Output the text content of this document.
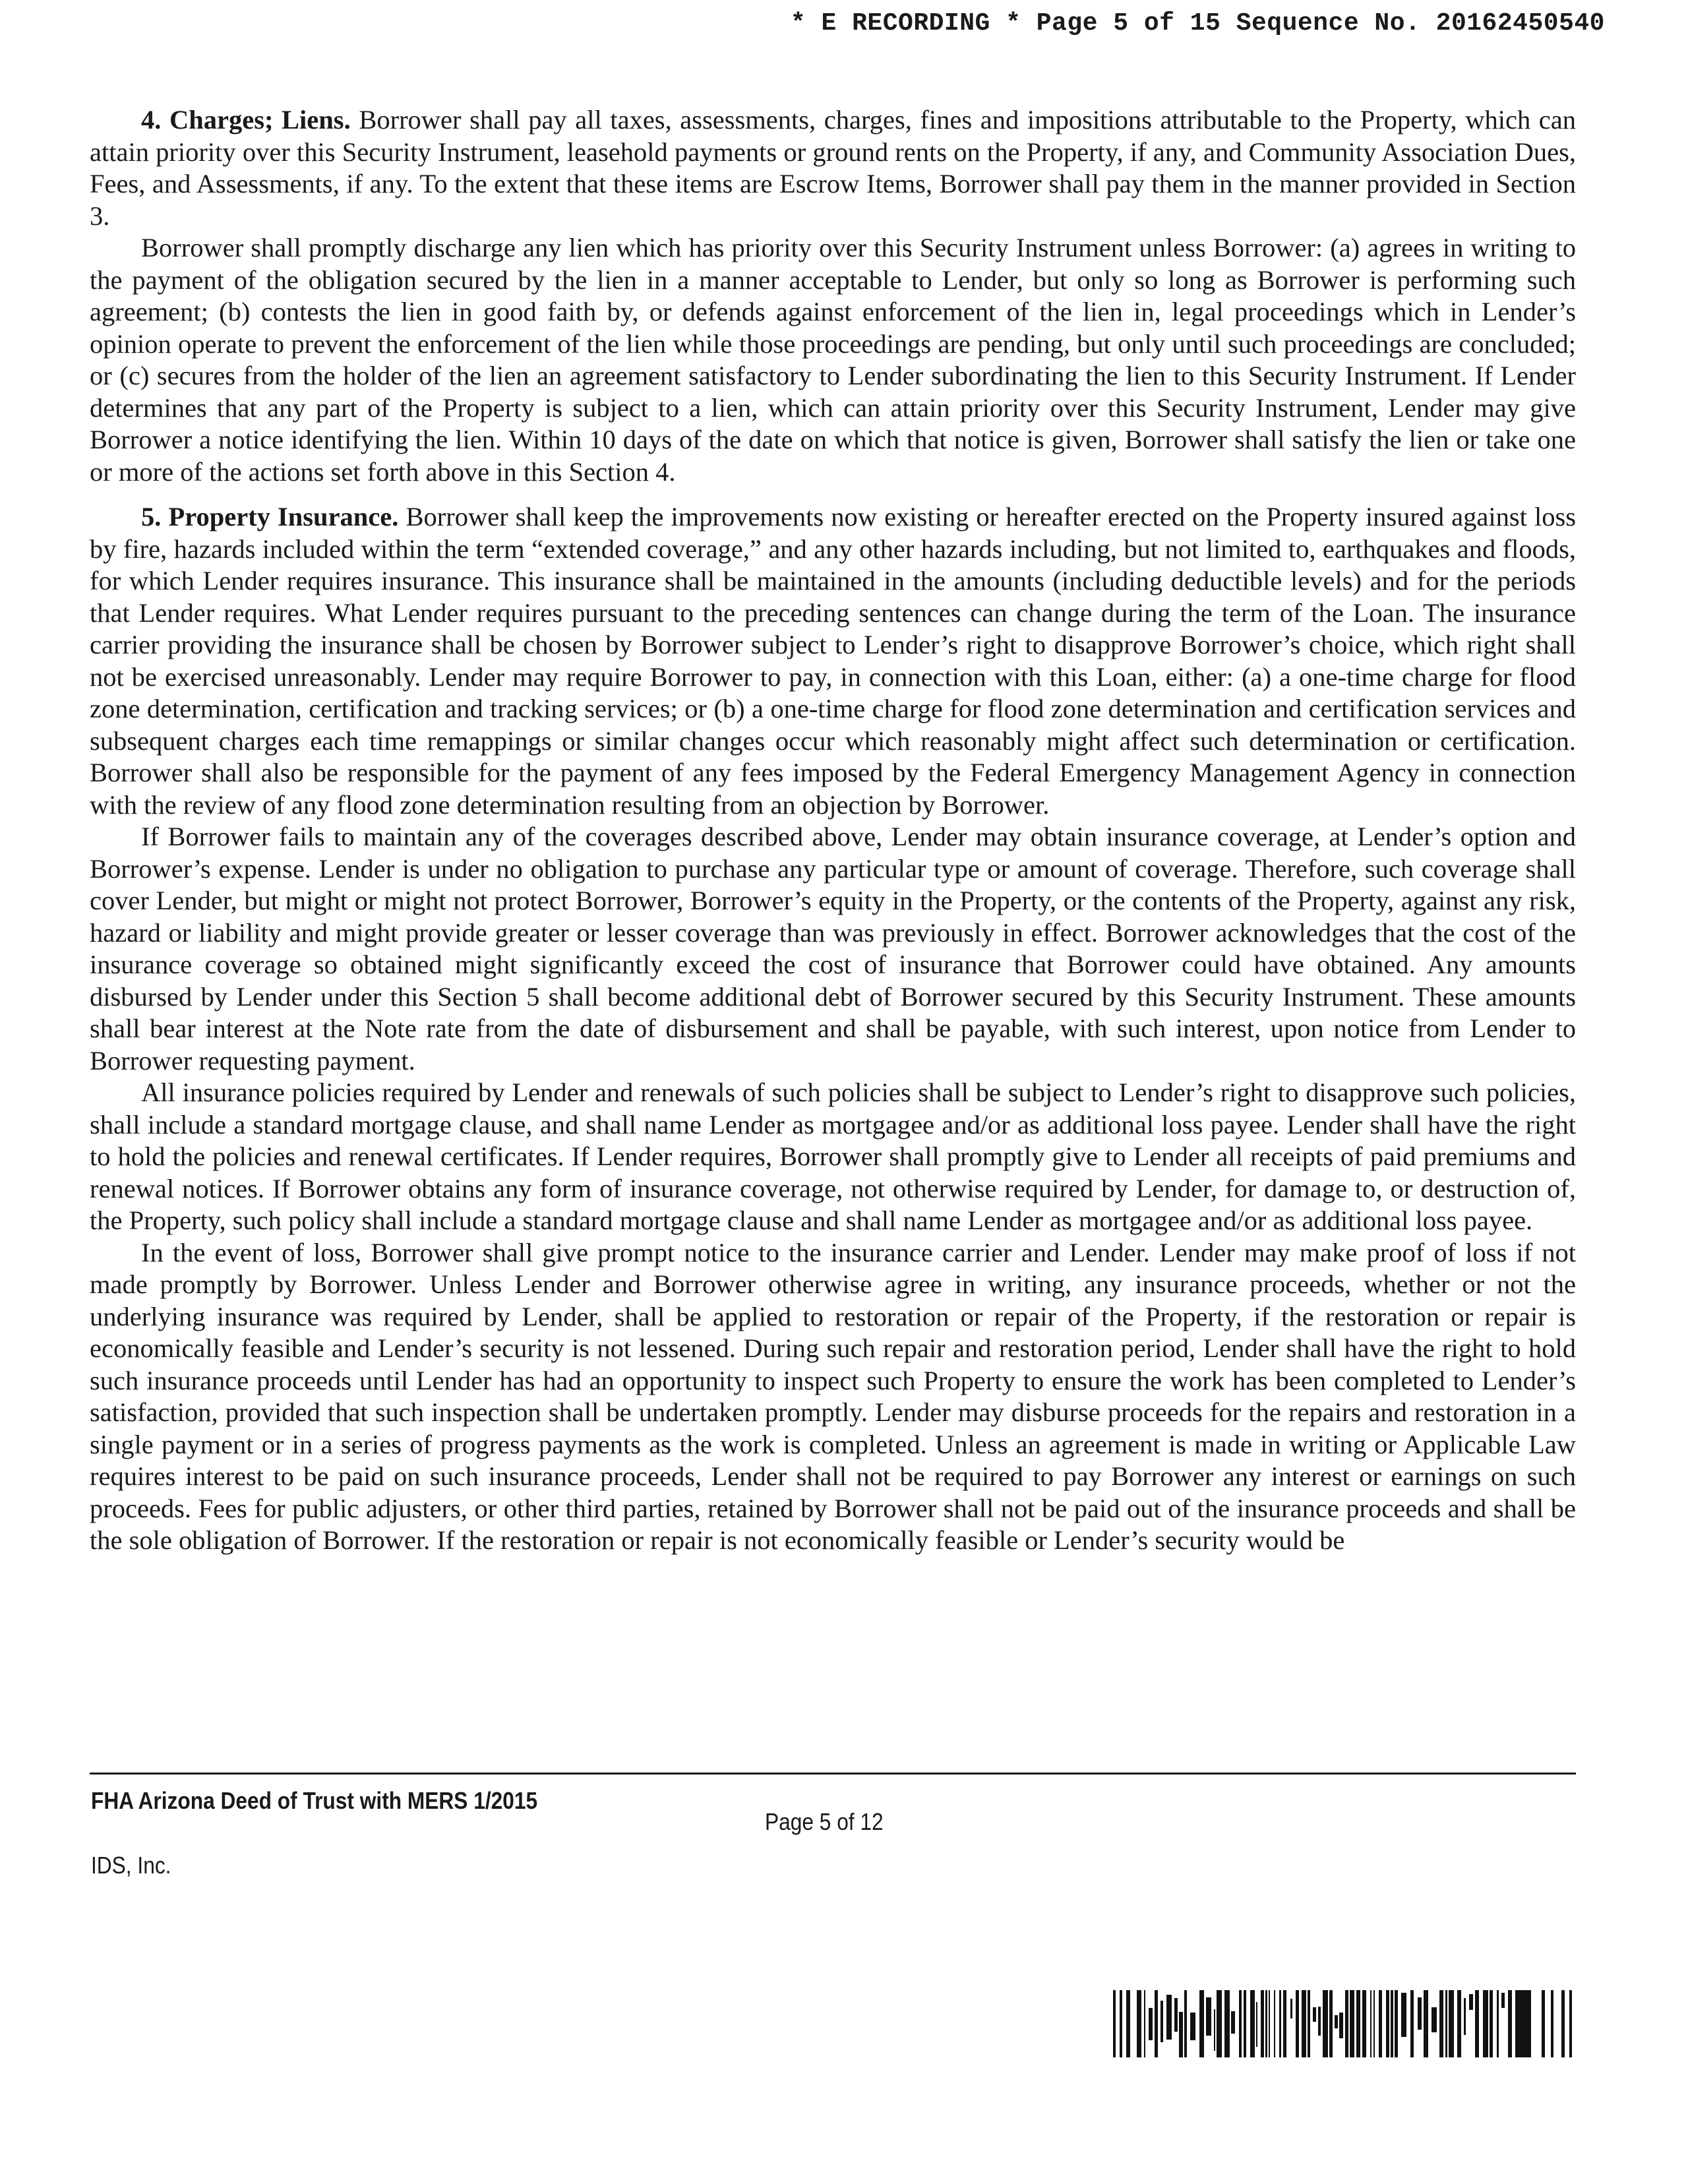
* E RECORDING * Page 5 of 15 Sequence No. 20162450540

4. Charges; Liens. Borrower shall pay all taxes, assessments, charges, fines and impositions attributable to the Property, which can attain priority over this Security Instrument, leasehold payments or ground rents on the Property, if any, and Community Association Dues, Fees, and Assessments, if any. To the extent that these items are Escrow Items, Borrower shall pay them in the manner provided in Section 3.

Borrower shall promptly discharge any lien which has priority over this Security Instrument unless Borrower: (a) agrees in writing to the payment of the obligation secured by the lien in a manner acceptable to Lender, but only so long as Borrower is performing such agreement; (b) contests the lien in good faith by, or defends against enforcement of the lien in, legal proceedings which in Lender’s opinion operate to prevent the enforcement of the lien while those proceedings are pending, but only until such proceedings are concluded; or (c) secures from the holder of the lien an agreement satisfactory to Lender subordinating the lien to this Security Instrument. If Lender determines that any part of the Property is subject to a lien, which can attain priority over this Security Instrument, Lender may give Borrower a notice identifying the lien. Within 10 days of the date on which that notice is given, Borrower shall satisfy the lien or take one or more of the actions set forth above in this Section 4.

5. Property Insurance. Borrower shall keep the improvements now existing or hereafter erected on the Property insured against loss by fire, hazards included within the term “extended coverage,” and any other hazards including, but not limited to, earthquakes and floods, for which Lender requires insurance. This insurance shall be maintained in the amounts (including deductible levels) and for the periods that Lender requires. What Lender requires pursuant to the preceding sentences can change during the term of the Loan. The insurance carrier providing the insurance shall be chosen by Borrower subject to Lender’s right to disapprove Borrower’s choice, which right shall not be exercised unreasonably. Lender may require Borrower to pay, in connection with this Loan, either: (a) a one-time charge for flood zone determination, certification and tracking services; or (b) a one-time charge for flood zone determination and certification services and subsequent charges each time remappings or similar changes occur which reasonably might affect such determination or certification. Borrower shall also be responsible for the payment of any fees imposed by the Federal Emergency Management Agency in connection with the review of any flood zone determination resulting from an objection by Borrower.

If Borrower fails to maintain any of the coverages described above, Lender may obtain insurance coverage, at Lender’s option and Borrower’s expense. Lender is under no obligation to purchase any particular type or amount of coverage. Therefore, such coverage shall cover Lender, but might or might not protect Borrower, Borrower’s equity in the Property, or the contents of the Property, against any risk, hazard or liability and might provide greater or lesser coverage than was previously in effect. Borrower acknowledges that the cost of the insurance coverage so obtained might significantly exceed the cost of insurance that Borrower could have obtained. Any amounts disbursed by Lender under this Section 5 shall become additional debt of Borrower secured by this Security Instrument. These amounts shall bear interest at the Note rate from the date of disbursement and shall be payable, with such interest, upon notice from Lender to Borrower requesting payment.

All insurance policies required by Lender and renewals of such policies shall be subject to Lender’s right to disapprove such policies, shall include a standard mortgage clause, and shall name Lender as mortgagee and/or as additional loss payee. Lender shall have the right to hold the policies and renewal certificates. If Lender requires, Borrower shall promptly give to Lender all receipts of paid premiums and renewal notices. If Borrower obtains any form of insurance coverage, not otherwise required by Lender, for damage to, or destruction of, the Property, such policy shall include a standard mortgage clause and shall name Lender as mortgagee and/or as additional loss payee.

In the event of loss, Borrower shall give prompt notice to the insurance carrier and Lender. Lender may make proof of loss if not made promptly by Borrower. Unless Lender and Borrower otherwise agree in writing, any insurance proceeds, whether or not the underlying insurance was required by Lender, shall be applied to restoration or repair of the Property, if the restoration or repair is economically feasible and Lender’s security is not lessened. During such repair and restoration period, Lender shall have the right to hold such insurance proceeds until Lender has had an opportunity to inspect such Property to ensure the work has been completed to Lender’s satisfaction, provided that such inspection shall be undertaken promptly. Lender may disburse proceeds for the repairs and restoration in a single payment or in a series of progress payments as the work is completed. Unless an agreement is made in writing or Applicable Law requires interest to be paid on such insurance proceeds, Lender shall not be required to pay Borrower any interest or earnings on such proceeds. Fees for public adjusters, or other third parties, retained by Borrower shall not be paid out of the insurance proceeds and shall be the sole obligation of Borrower. If the restoration or repair is not economically feasible or Lender’s security would be

FHA Arizona Deed of Trust with MERS 1/2015
Page 5 of 12
IDS, Inc.
